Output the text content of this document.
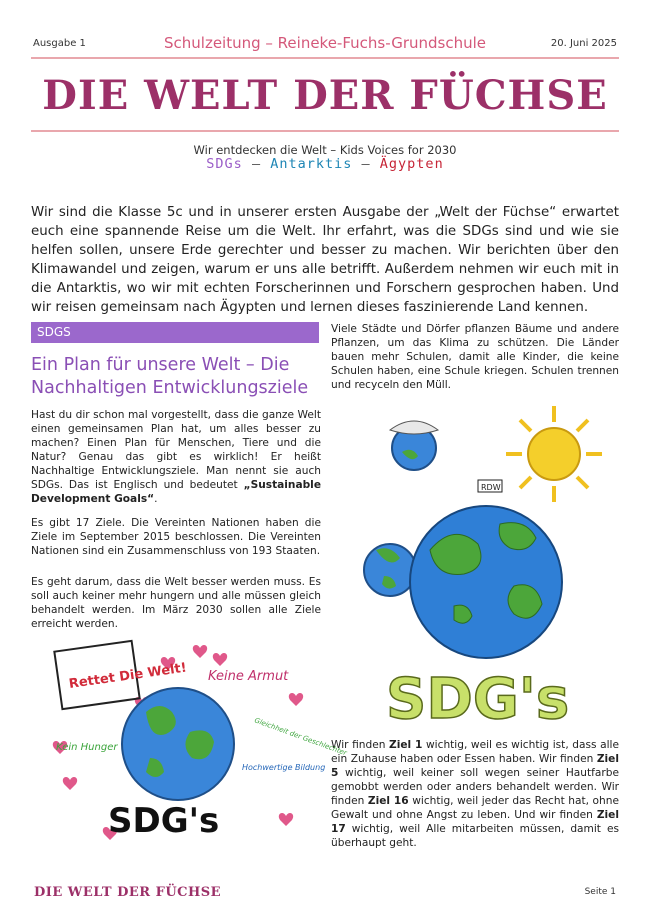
Ausgabe 1	Schulzeitung – Reineke-Fuchs-Grundschule	20. Juni 2025
DIE WELT DER FÜCHSE
Wir entdecken die Welt – Kids Voices for 2030
SDGs – Antarktis – Ägypten

Wir sind die Klasse 5c und in unserer ersten Ausgabe der „Welt der Füchse“ erwartet euch eine spannende Reise um die Welt. Ihr erfahrt, was die SDGs sind und wie sie helfen sollen, unsere Erde gerechter und besser zu machen. Wir berichten über den Klimawandel und zeigen, warum er uns alle betrifft. Außerdem nehmen wir euch mit in die Antarktis, wo wir mit echten Forscherinnen und Forschern gesprochen haben. Und wir reisen gemeinsam nach Ägypten und lernen dieses faszinierende Land kennen.

SDGS
Ein Plan für unsere Welt – Die Nachhaltigen Entwicklungsziele

Hast du dir schon mal vorgestellt, dass die ganze Welt einen gemeinsamen Plan hat, um alles besser zu machen? Einen Plan für Menschen, Tiere und die Natur? Genau das gibt es wirklich! Er heißt Nachhaltige Entwicklungsziele. Man nennt sie auch SDGs. Das ist Englisch und bedeutet „Sustainable Development Goals“.

Es gibt 17 Ziele. Die Vereinten Nationen haben die Ziele im September 2015 beschlossen. Die Vereinten Nationen sind ein Zusammenschluss von 193 Staaten.

Es geht darum, dass die Welt besser werden muss. Es soll auch keiner mehr hungern und alle müssen gleich behandelt werden. Im März 2030 sollen alle Ziele erreicht werden.

Viele Städte und Dörfer pflanzen Bäume und andere Pflanzen, um das Klima zu schützen. Die Länder bauen mehr Schulen, damit alle Kinder, die keine Schulen haben, eine Schule kriegen. Schulen trennen und recyceln den Müll.

Wir finden Ziel 1 wichtig, weil es wichtig ist, dass alle ein Zuhause haben oder Essen haben. Wir finden Ziel 5 wichtig, weil keiner soll wegen seiner Hautfarbe gemobbt werden oder anders behandelt werden. Wir finden Ziel 16 wichtig, weil jeder das Recht hat, ohne Gewalt und ohne Angst zu leben. Und wir finden Ziel 17 wichtig, weil Alle mitarbeiten müssen, damit es überhaupt geht.

Rettet Die Welt! Keine Armut
Kein Hunger	Gleichheit der Geschlechter
Hochwertige Bildung
SDG's
RDW
SDG's
DIE WELT DER FÜCHSE	Seite 1
